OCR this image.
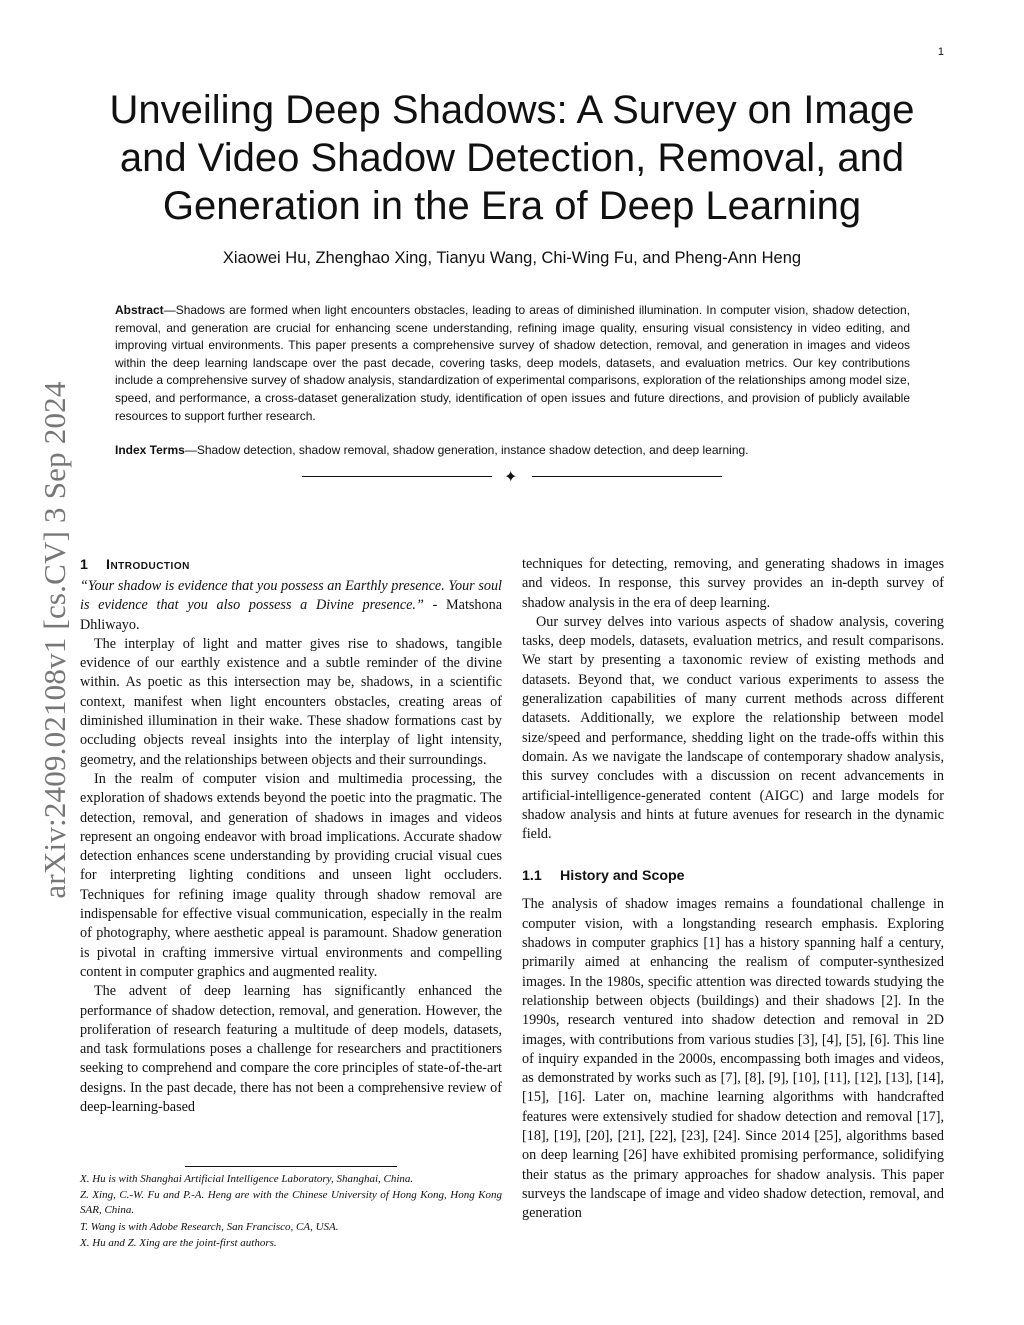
1
Unveiling Deep Shadows: A Survey on Image and Video Shadow Detection, Removal, and Generation in the Era of Deep Learning
Xiaowei Hu, Zhenghao Xing, Tianyu Wang, Chi-Wing Fu, and Pheng-Ann Heng
Abstract—Shadows are formed when light encounters obstacles, leading to areas of diminished illumination. In computer vision, shadow detection, removal, and generation are crucial for enhancing scene understanding, refining image quality, ensuring visual consistency in video editing, and improving virtual environments. This paper presents a comprehensive survey of shadow detection, removal, and generation in images and videos within the deep learning landscape over the past decade, covering tasks, deep models, datasets, and evaluation metrics. Our key contributions include a comprehensive survey of shadow analysis, standardization of experimental comparisons, exploration of the relationships among model size, speed, and performance, a cross-dataset generalization study, identification of open issues and future directions, and provision of publicly available resources to support further research.
Index Terms—Shadow detection, shadow removal, shadow generation, instance shadow detection, and deep learning.
✦
arXiv:2409.02108v1 [cs.CV] 3 Sep 2024 1 Introduction

“Your shadow is evidence that you possess an Earthly presence. Your soul is evidence that you also possess a Divine presence.” - Matshona Dhliwayo.

The interplay of light and matter gives rise to shadows, tangible evidence of our earthly existence and a subtle reminder of the divine within. As poetic as this intersection may be, shadows, in a scientific context, manifest when light encounters obstacles, creating areas of diminished illumination in their wake. These shadow formations cast by occluding objects reveal insights into the interplay of light intensity, geometry, and the relationships between objects and their surroundings.

In the realm of computer vision and multimedia processing, the exploration of shadows extends beyond the poetic into the pragmatic. The detection, removal, and generation of shadows in images and videos represent an ongoing endeavor with broad implications. Accurate shadow detection enhances scene understanding by providing crucial visual cues for interpreting lighting conditions and unseen light occluders. Techniques for refining image quality through shadow removal are indispensable for effective visual communication, especially in the realm of photography, where aesthetic appeal is paramount. Shadow generation is pivotal in crafting immersive virtual environments and compelling content in computer graphics and augmented reality.

The advent of deep learning has significantly enhanced the performance of shadow detection, removal, and generation. However, the proliferation of research featuring a multitude of deep models, datasets, and task formulations poses a challenge for researchers and practitioners seeking to comprehend and compare the core principles of state-of-the-art designs. In the past decade, there has not been a comprehensive review of deep-learning-based

X. Hu is with Shanghai Artificial Intelligence Laboratory, Shanghai, China.
Z. Xing, C.-W. Fu and P.-A. Heng are with the Chinese University of Hong Kong, Hong Kong SAR, China.
T. Wang is with Adobe Research, San Francisco, CA, USA.
X. Hu and Z. Xing are the joint-first authors.

techniques for detecting, removing, and generating shadows in images and videos. In response, this survey provides an in-depth survey of shadow analysis in the era of deep learning.

Our survey delves into various aspects of shadow analysis, covering tasks, deep models, datasets, evaluation metrics, and result comparisons. We start by presenting a taxonomic review of existing methods and datasets. Beyond that, we conduct various experiments to assess the generalization capabilities of many current methods across different datasets. Additionally, we explore the relationship between model size/speed and performance, shedding light on the trade-offs within this domain. As we navigate the landscape of contemporary shadow analysis, this survey concludes with a discussion on recent advancements in artificial-intelligence-generated content (AIGC) and large models for shadow analysis and hints at future avenues for research in the dynamic field.

1.1 History and Scope

The analysis of shadow images remains a foundational challenge in computer vision, with a longstanding research emphasis. Exploring shadows in computer graphics [1] has a history spanning half a century, primarily aimed at enhancing the realism of computer-synthesized images. In the 1980s, specific attention was directed towards studying the relationship between objects (buildings) and their shadows [2]. In the 1990s, research ventured into shadow detection and removal in 2D images, with contributions from various studies [3], [4], [5], [6]. This line of inquiry expanded in the 2000s, encompassing both images and videos, as demonstrated by works such as [7], [8], [9], [10], [11], [12], [13], [14], [15], [16]. Later on, machine learning algorithms with handcrafted features were extensively studied for shadow detection and removal [17], [18], [19], [20], [21], [22], [23], [24]. Since 2014 [25], algorithms based on deep learning [26] have exhibited promising performance, solidifying their status as the primary approaches for shadow analysis. This paper surveys the landscape of image and video shadow detection, removal, and generation
